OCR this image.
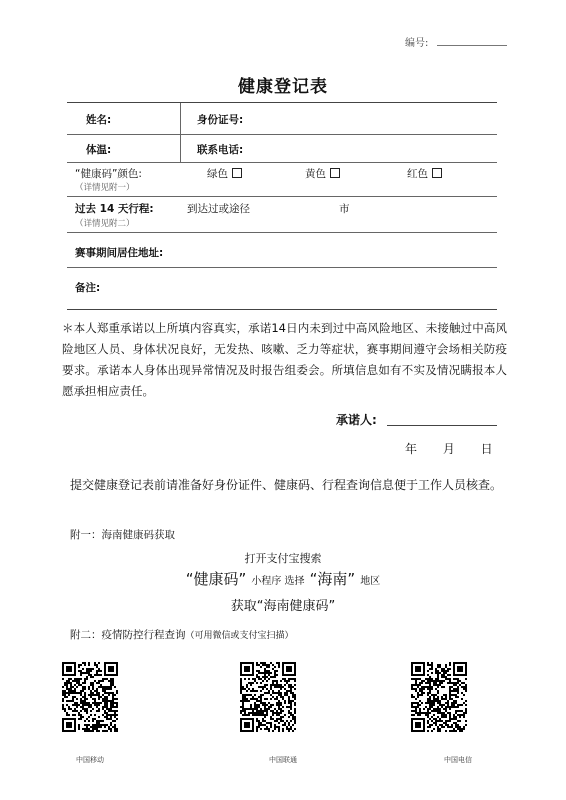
编号:
健康登记表
姓名:	身份证号:
体温:	联系电话:
“健康码”颜色:
（详情见附一）
绿色	黄色	红色
过去 14 天行程:
（详情见附二）
到达过或途径	市
赛事期间居住地址:
备注:
＊本人郑重承诺以上所填内容真实，承诺14日内未到过中高风险地区、未接触过中高风险地区人员、身体状况良好，无发热、咳嗽、乏力等症状，赛事期间遵守会场相关防疫要求。承诺本人身体出现异常情况及时报告组委会。所填信息如有不实及情况瞒报本人愿承担相应责任。
承诺人:
年 月 日
提交健康登记表前请准备好身份证件、健康码、行程查询信息便于工作人员核查。
附一：海南健康码获取
打开支付宝搜索
“健康码” 小程序 选择 “海南” 地区
获取“海南健康码”
附二：疫情防控行程查询（可用微信或支付宝扫描）
中国移动	中国联通	中国电信
